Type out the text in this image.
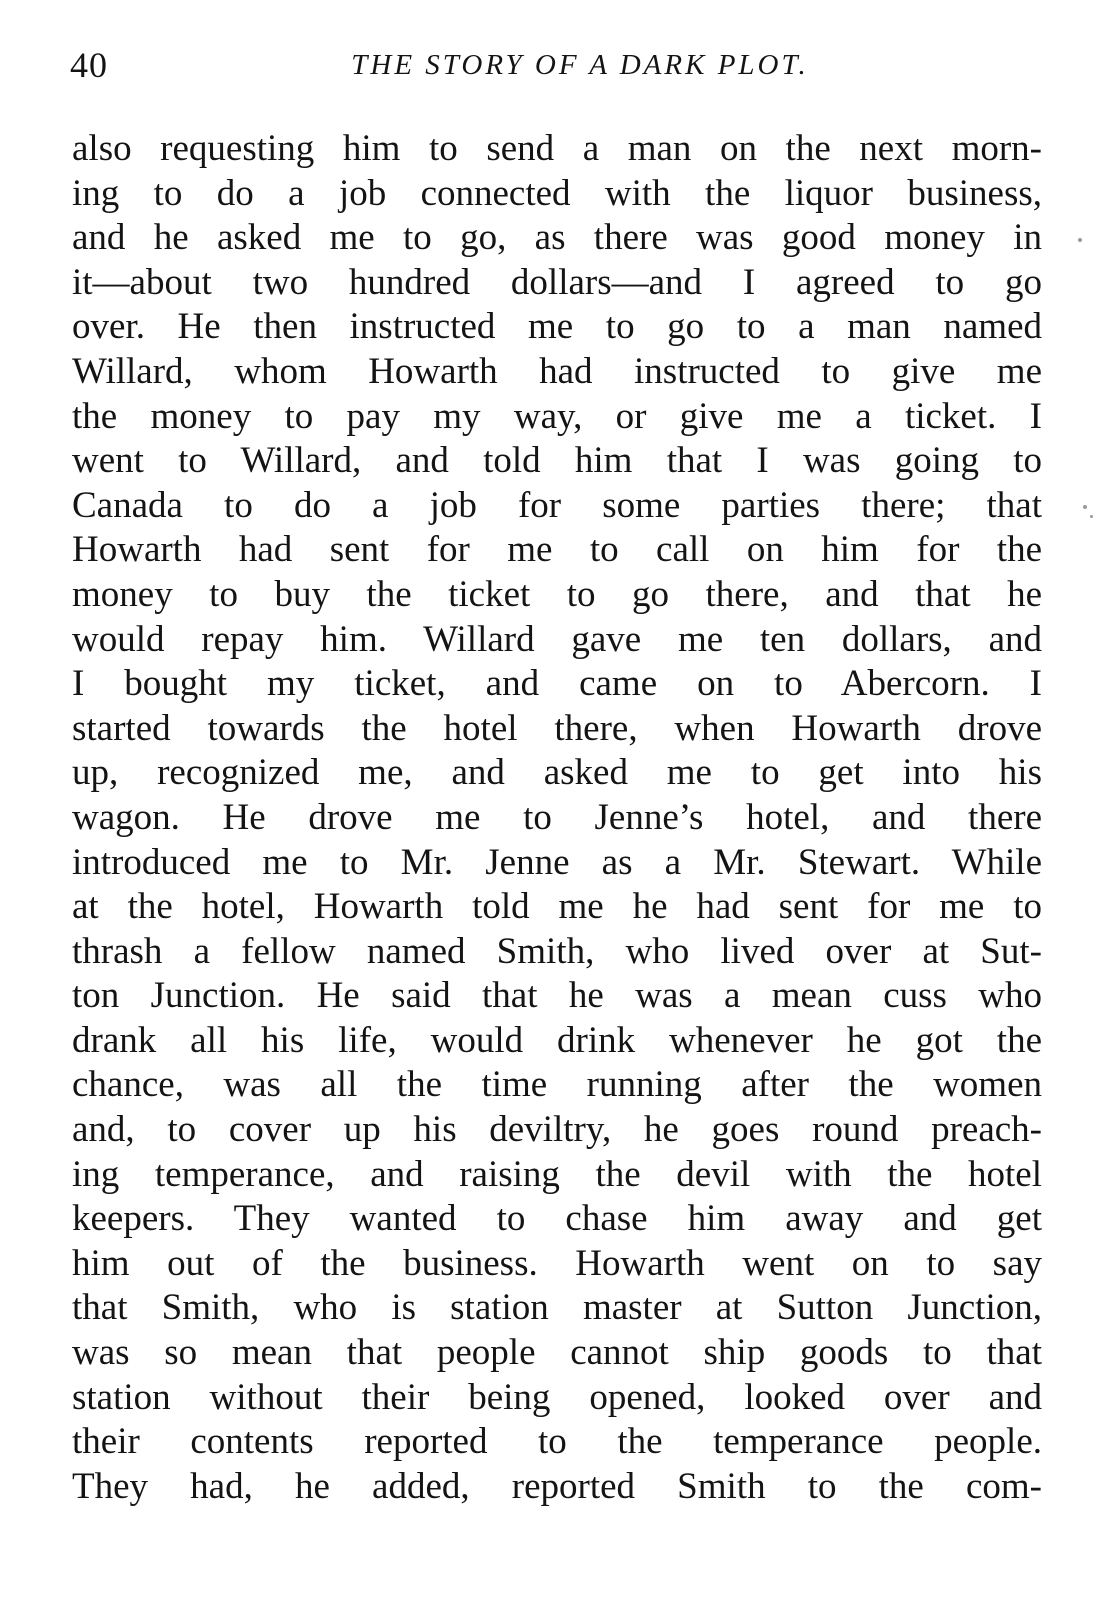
40	THE STORY OF A DARK PLOT.
also requesting him to send a man on the next morn-
ing to do a job connected with the liquor business,
and he asked me to go, as there was good money in
it—about two hundred dollars—and I agreed to go
over. He then instructed me to go to a man named
Willard, whom Howarth had instructed to give me
the money to pay my way, or give me a ticket. I
went to Willard, and told him that I was going to
Canada to do a job for some parties there; that
Howarth had sent for me to call on him for the
money to buy the ticket to go there, and that he
would repay him. Willard gave me ten dollars, and
I bought my ticket, and came on to Abercorn. I
started towards the hotel there, when Howarth drove
up, recognized me, and asked me to get into his
wagon. He drove me to Jenne’s hotel, and there
introduced me to Mr. Jenne as a Mr. Stewart. While
at the hotel, Howarth told me he had sent for me to
thrash a fellow named Smith, who lived over at Sut-
ton Junction. He said that he was a mean cuss who
drank all his life, would drink whenever he got the
chance, was all the time running after the women
and, to cover up his deviltry, he goes round preach-
ing temperance, and raising the devil with the hotel
keepers. They wanted to chase him away and get
him out of the business. Howarth went on to say
that Smith, who is station master at Sutton Junction,
was so mean that people cannot ship goods to that
station without their being opened, looked over and
their contents reported to the temperance people.
They had, he added, reported Smith to the com-
